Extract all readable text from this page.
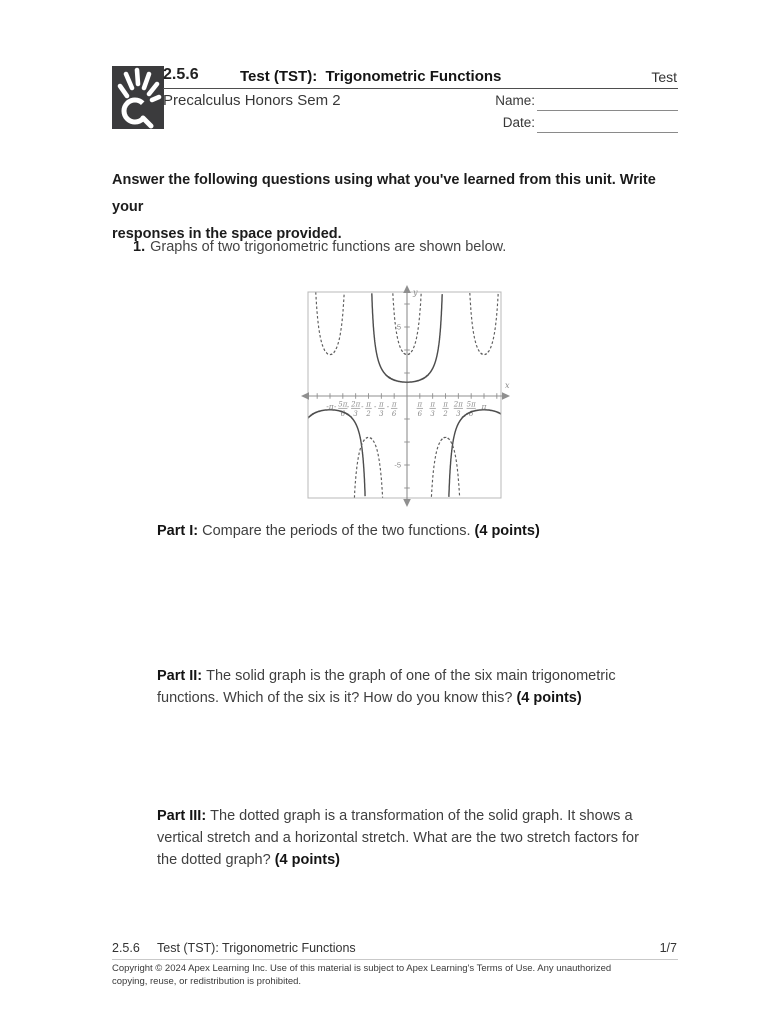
2.5.6	Test (TST):  Trigonometric Functions	Test
Precalculus Honors Sem 2	Name:
Date:
Answer the following questions using what you've learned from this unit. Write your
responses in the space provided.
1. Graphs of two trigonometric functions are shown below.
y
x
-π 5π
6
- 2π
3
- π
2
- π
3
- π
6
-	π
6
π
3
π
2
2π
3
5π
6
π
5
-5
Part I: Compare the periods of the two functions. (4 points)
Part II: The solid graph is the graph of one of the six main trigonometric
functions. Which of the six is it? How do you know this? (4 points)
Part III: The dotted graph is a transformation of the solid graph. It shows a
vertical stretch and a horizontal stretch. What are the two stretch factors for
the dotted graph? (4 points)
2.5.6 Test (TST): Trigonometric Functions	1/7
Copyright © 2024 Apex Learning Inc. Use of this material is subject to Apex Learning's Terms of Use. Any unauthorized
copying, reuse, or redistribution is prohibited.
